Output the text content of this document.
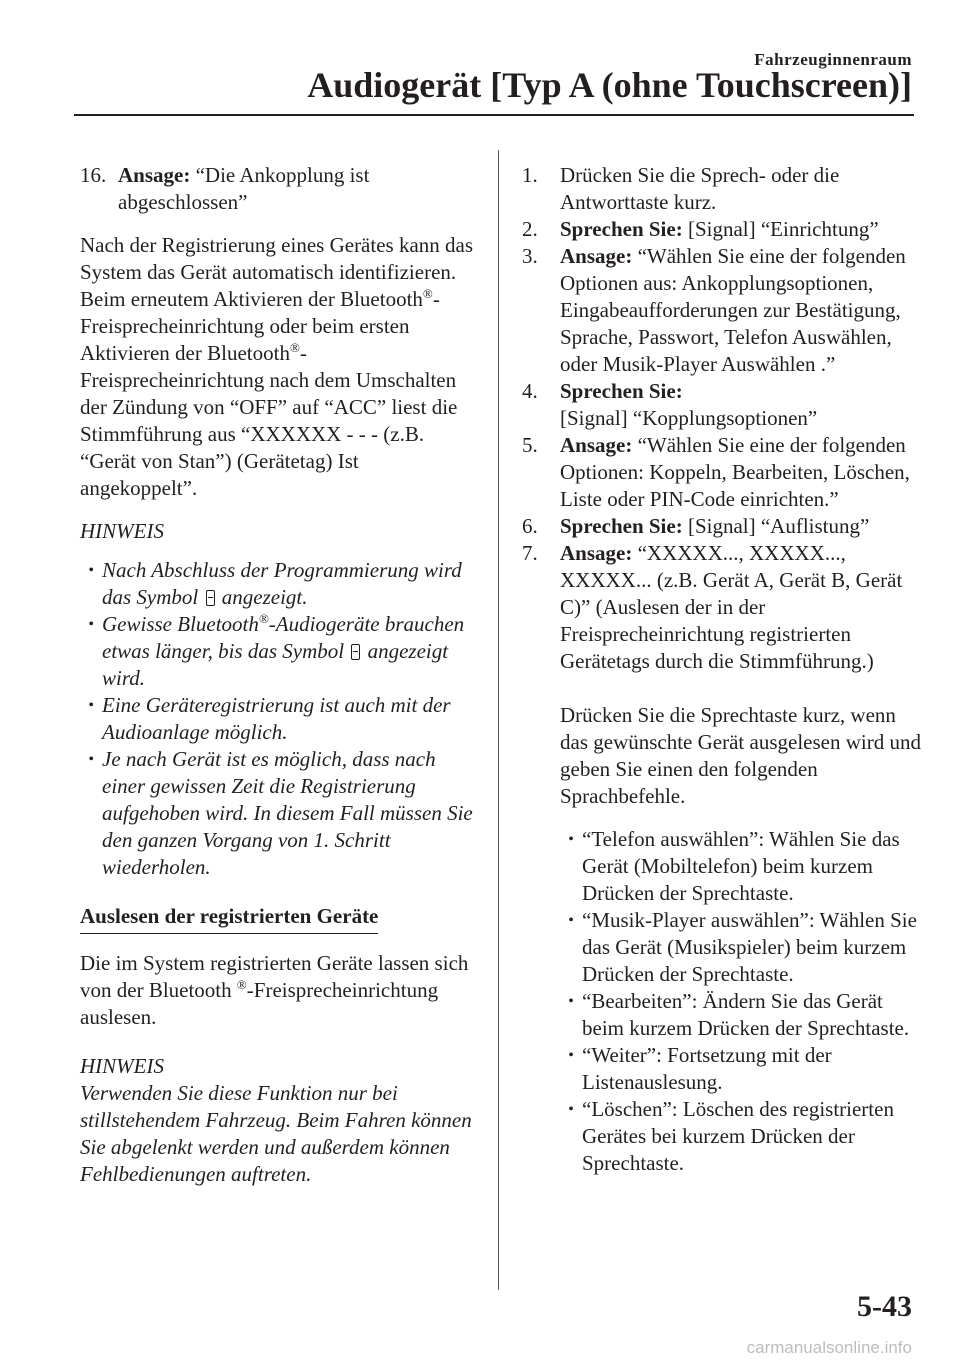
Fahrzeuginnenraum
Audiogerät [Typ A (ohne Touchscreen)]
16. Ansage: “Die Ankopplung ist abgeschlossen”

Nach der Registrierung eines Gerätes kann das System das Gerät automatisch identifizieren. Beim erneutem Aktivieren der Bluetooth®-Freisprecheinrichtung oder beim ersten Aktivieren der Bluetooth®-Freisprecheinrichtung nach dem Umschalten der Zündung von “OFF” auf “ACC” liest die Stimmführung aus “XXXXXX - - - (z.B. “Gerät von Stan”) (Gerätetag) Ist angekoppelt”.

HINWEIS

• Nach Abschluss der Programmierung wird das Symbol angezeigt.
• Gewisse Bluetooth®-Audiogeräte brauchen etwas länger, bis das Symbol angezeigt wird.
• Eine Geräteregistrierung ist auch mit der Audioanlage möglich.
• Je nach Gerät ist es möglich, dass nach einer gewissen Zeit die Registrierung aufgehoben wird. In diesem Fall müssen Sie den ganzen Vorgang von 1. Schritt wiederholen.
Auslesen der registrierten Geräte

Die im System registrierten Geräte lassen sich von der Bluetooth ®-Freisprecheinrichtung auslesen.

HINWEIS

Verwenden Sie diese Funktion nur bei stillstehendem Fahrzeug. Beim Fahren können Sie abgelenkt werden und außerdem können Fehlbedienungen auftreten.

1.	Drücken Sie die Sprech- oder die Antworttaste kurz.
2.	Sprechen Sie: [Signal] “Einrichtung”
3.	Ansage: “Wählen Sie eine der folgenden Optionen aus: Ankopplungsoptionen, Eingabeaufforderungen zur Bestätigung, Sprache, Passwort, Telefon Auswählen, oder Musik-Player Auswählen .”
4.	Sprechen Sie:
[Signal] “Kopplungsoptionen”
5.	Ansage: “Wählen Sie eine der folgenden Optionen: Koppeln, Bearbeiten, Löschen, Liste oder PIN-Code einrichten.”
6.	Sprechen Sie: [Signal] “Auflistung”
7.	Ansage: “XXXXX..., XXXXX..., XXXXX... (z.B. Gerät A, Gerät B, Gerät C)” (Auslesen der in der Freisprecheinrichtung registrierten Gerätetags durch die Stimmführung.)

Drücken Sie die Sprechtaste kurz, wenn das gewünschte Gerät ausgelesen wird und geben Sie einen den folgenden Sprachbefehle.

• “Telefon auswählen”: Wählen Sie das Gerät (Mobiltelefon) beim kurzem Drücken der Sprechtaste.
• “Musik-Player auswählen”: Wählen Sie das Gerät (Musikspieler) beim kurzem Drücken der Sprechtaste.
• “Bearbeiten”: Ändern Sie das Gerät beim kurzem Drücken der Sprechtaste.
• “Weiter”: Fortsetzung mit der Listenauslesung.
• “Löschen”: Löschen des registrierten Gerätes bei kurzem Drücken der Sprechtaste.
5-43
carmanualsonline.info
